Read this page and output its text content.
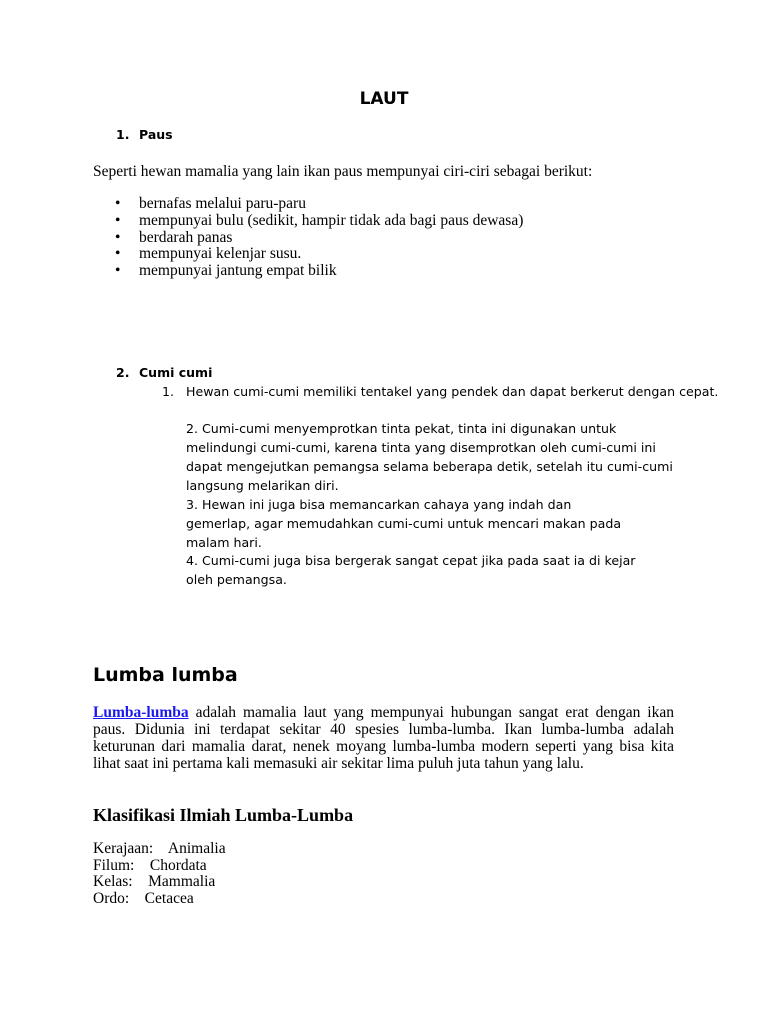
LAUT
1. Paus
Seperti hewan mamalia yang lain ikan paus mempunyai ciri-ciri sebagai berikut:
• bernafas melalui paru-paru
• mempunyai bulu (sedikit, hampir tidak ada bagi paus dewasa)
• berdarah panas
• mempunyai kelenjar susu.
• mempunyai jantung empat bilik
2. Cumi cumi
1. Hewan cumi-cumi memiliki tentakel yang pendek dan dapat berkerut dengan cepat.
2. Cumi-cumi menyemprotkan tinta pekat, tinta ini digunakan untuk melindungi cumi-cumi, karena tinta yang disemprotkan oleh cumi-cumi ini dapat mengejutkan pemangsa selama beberapa detik, setelah itu cumi-cumi langsung melarikan diri.
3. Hewan ini juga bisa memancarkan cahaya yang indah dan gemerlap, agar memudahkan cumi-cumi untuk mencari makan pada malam hari.
4. Cumi-cumi juga bisa bergerak sangat cepat jika pada saat ia di kejar oleh pemangsa.
Lumba lumba
Lumba-lumba adalah mamalia laut yang mempunyai hubungan sangat erat dengan ikan paus. Didunia ini terdapat sekitar 40 spesies lumba-lumba. Ikan lumba-lumba adalah keturunan dari mamalia darat, nenek moyang lumba-lumba modern seperti yang bisa kita lihat saat ini pertama kali memasuki air sekitar lima puluh juta tahun yang lalu.
Klasifikasi Ilmiah Lumba-Lumba
Kerajaan: Animalia
Filum: Chordata
Kelas: Mammalia
Ordo: Cetacea
